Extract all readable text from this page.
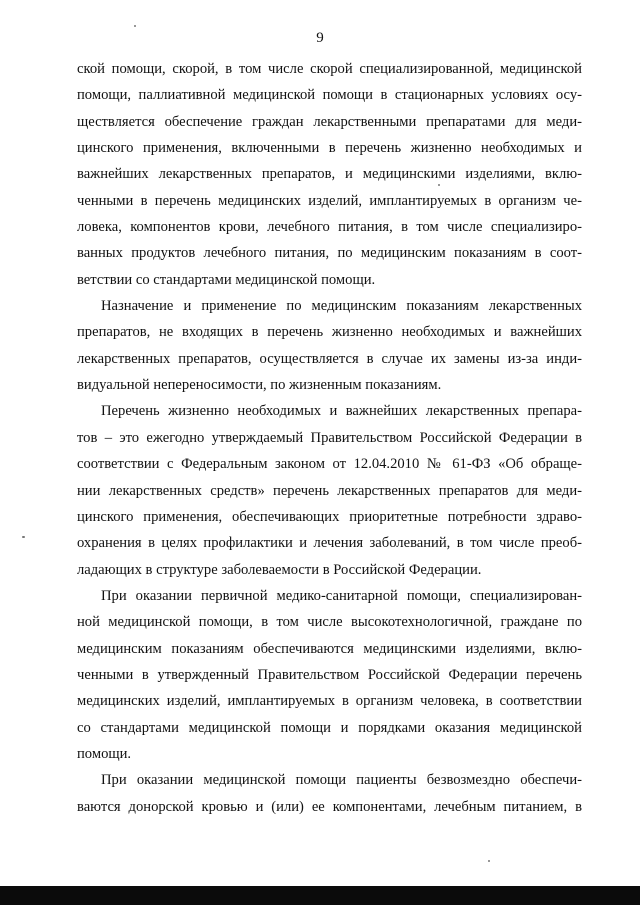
9
ской помощи, скорой, в том числе скорой специализированной, медицинской
помощи, паллиативной медицинской помощи в стационарных условиях осу-
ществляется обеспечение граждан лекарственными препаратами для меди-
цинского применения, включенными в перечень жизненно необходимых и
важнейших лекарственных препаратов, и медицинскими изделиями, вклю-
ченными в перечень медицинских изделий, имплантируемых в организм че-
ловека, компонентов крови, лечебного питания, в том числе специализиро-
ванных продуктов лечебного питания, по медицинским показаниям в соот-
ветствии со стандартами медицинской помощи.
Назначение и применение по медицинским показаниям лекарственных
препаратов, не входящих в перечень жизненно необходимых и важнейших
лекарственных препаратов, осуществляется в случае их замены из-за инди-
видуальной непереносимости, по жизненным показаниям.
Перечень жизненно необходимых и важнейших лекарственных препара-
тов – это ежегодно утверждаемый Правительством Российской Федерации в
соответствии с Федеральным законом от 12.04.2010 № 61-ФЗ «Об обраще-
нии лекарственных средств» перечень лекарственных препаратов для меди-
цинского применения, обеспечивающих приоритетные потребности здраво-
охранения в целях профилактики и лечения заболеваний, в том числе преоб-
ладающих в структуре заболеваемости в Российской Федерации.
При оказании первичной медико-санитарной помощи, специализирован-
ной медицинской помощи, в том числе высокотехнологичной, граждане по
медицинским показаниям обеспечиваются медицинскими изделиями, вклю-
ченными в утвержденный Правительством Российской Федерации перечень
медицинских изделий, имплантируемых в организм человека, в соответствии
со стандартами медицинской помощи и порядками оказания медицинской
помощи.
При оказании медицинской помощи пациенты безвозмездно обеспечи-
ваются донорской кровью и (или) ее компонентами, лечебным питанием, в
